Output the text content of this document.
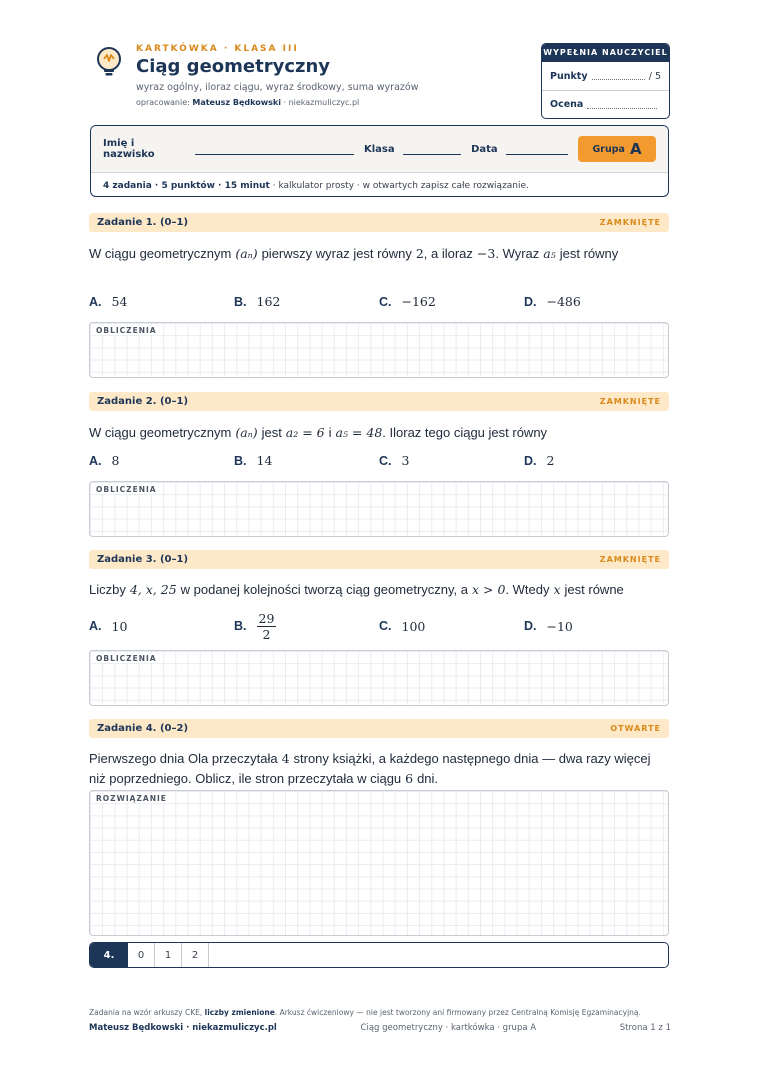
KARTKÓWKA · KLASA III
Ciąg geometryczny
wyraz ogólny, iloraz ciągu, wyraz środkowy, suma wyrazów
opracowanie: Mateusz Będkowski · niekazmuliczyc.pl
WYPEŁNIA NAUCZYCIEL
Punkty	/ 5
Ocena
Imię i nazwisko	Klasa	Data	Grupa A
4 zadania · 5 punktów · 15 minut
· kalkulator prosty · w otwartych zapisz całe rozwiązanie.
Zadanie 1. (0–1)	ZAMKNIĘTE
W ciągu geometrycznym (aₙ) pierwszy wyraz jest równy 2, a iloraz −3. Wyraz a₅ jest równy
A. 54	B. 162	C. −162	D. −486
OBLICZENIA
Zadanie 2. (0–1)	ZAMKNIĘTE
W ciągu geometrycznym (aₙ) jest a₂ = 6 i a₅ = 48. Iloraz tego ciągu jest równy
A. 8	B. 14	C. 3	D. 2
OBLICZENIA
Zadanie 3. (0–1)	ZAMKNIĘTE
Liczby 4, x, 25 w podanej kolejności tworzą ciąg geometryczny, a x > 0. Wtedy x jest równe
A. 10	B. $\frac{29}{2}$	C. 100	D. −10
OBLICZENIA
Zadanie 4. (0–2)	OTWARTE
Pierwszego dnia Ola przeczytała 4 strony książki, a każdego następnego dnia — dwa razy więcej niż poprzedniego. Oblicz, ile stron przeczytała w ciągu 6 dni.
ROZWIĄZANIE
4.	0	1	2
Zadania na wzór arkuszy CKE, liczby zmienione. Arkusz ćwiczeniowy — nie jest tworzony ani firmowany przez Centralną Komisję Egzaminacyjną.
Mateusz Będkowski · niekazmuliczyc.pl	Ciąg geometryczny · kartkówka · grupa A	Strona 1 z 1
